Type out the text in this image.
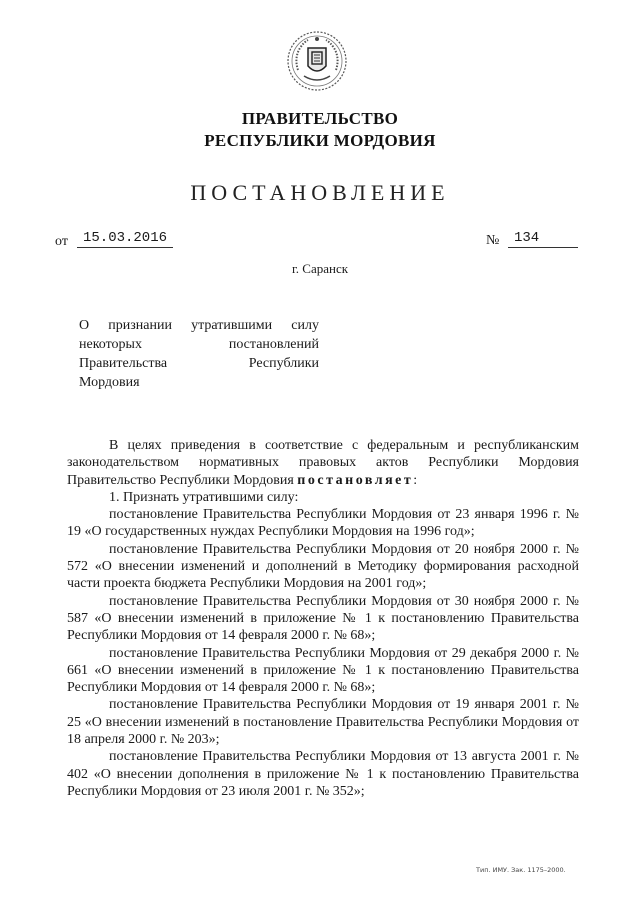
ПРАВИТЕЛЬСТВО
РЕСПУБЛИКИ МОРДОВИЯ
ПОСТАНОВЛЕНИЕ
от	15.03.2016	№	134
г. Саранск
О признании утратившими силу
некоторых	постановлений
Правительства	Республики
Мордовия

В целях приведения в соответствие с федеральным и республиканским законодательством нормативных правовых актов Республики Мордовия Правительство Республики Мордовия постановляет:

1. Признать утратившими силу:

постановление Правительства Республики Мордовия от 23 января 1996 г. № 19 «О государственных нуждах Республики Мордовия на 1996 год»;

постановление Правительства Республики Мордовия от 20 ноября 2000 г. № 572 «О внесении изменений и дополнений в Методику формирования расходной части проекта бюджета Республики Мордовия на 2001 год»;

постановление Правительства Республики Мордовия от 30 ноября 2000 г. № 587 «О внесении изменений в приложение № 1 к постановлению Правительства Республики Мордовия от 14 февраля 2000 г. № 68»;

постановление Правительства Республики Мордовия от 29 декабря 2000 г. № 661 «О внесении изменений в приложение № 1 к постановлению Правительства Республики Мордовия от 14 февраля 2000 г. № 68»;

постановление Правительства Республики Мордовия от 19 января 2001 г. № 25 «О внесении изменений в постановление Правительства Республики Мордовия от 18 апреля 2000 г. № 203»;

постановление Правительства Республики Мордовия от 13 августа 2001 г. № 402 «О внесении дополнения в приложение № 1 к постановлению Правительства Республики Мордовия от 23 июля 2001 г. № 352»;

Тип. ИМУ. Зак. 1175–2000.
